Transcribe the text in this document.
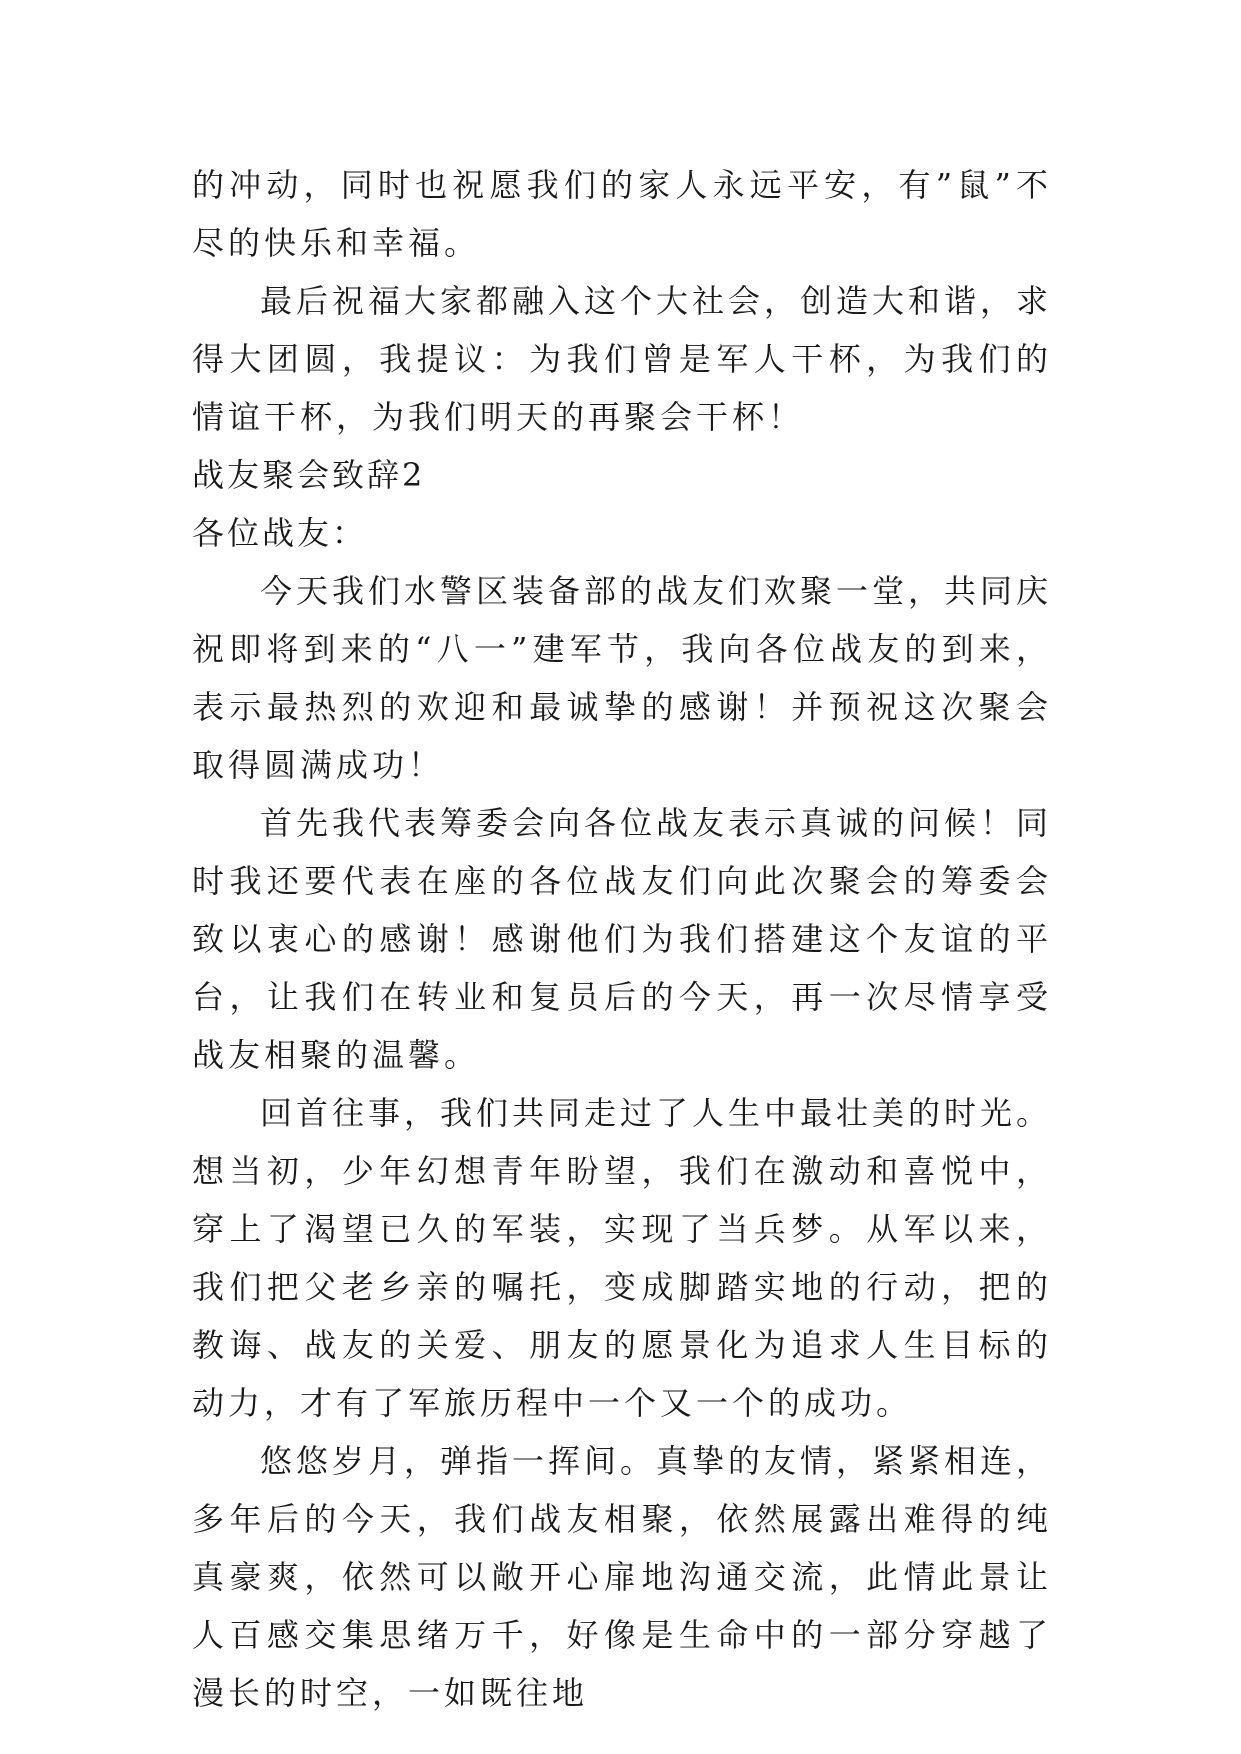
的冲动，同时也祝愿我们的家人永远平安，有”鼠”不尽的快乐和幸福。

最后祝福大家都融入这个大社会，创造大和谐，求得大团圆，我提议：为我们曾是军人干杯，为我们的情谊干杯，为我们明天的再聚会干杯！

战友聚会致辞2

各位战友：

今天我们水警区装备部的战友们欢聚一堂，共同庆祝即将到来的“八一”建军节，我向各位战友的到来，表示最热烈的欢迎和最诚挚的感谢！并预祝这次聚会取得圆满成功！

首先我代表筹委会向各位战友表示真诚的问候！同时我还要代表在座的各位战友们向此次聚会的筹委会致以衷心的感谢！感谢他们为我们搭建这个友谊的平台，让我们在转业和复员后的今天，再一次尽情享受战友相聚的温馨。

回首往事，我们共同走过了人生中最壮美的时光。想当初，少年幻想青年盼望，我们在激动和喜悦中，穿上了渴望已久的军装，实现了当兵梦。从军以来，我们把父老乡亲的嘱托，变成脚踏实地的行动，把的教诲、战友的关爱、朋友的愿景化为追求人生目标的动力，才有了军旅历程中一个又一个的成功。

悠悠岁月，弹指一挥间。真挚的友情，紧紧相连，多年后的今天，我们战友相聚，依然展露出难得的纯真豪爽，依然可以敞开心扉地沟通交流，此情此景让人百感交集思绪万千，好像是生命中的一部分穿越了漫长的时空，一如既往地
